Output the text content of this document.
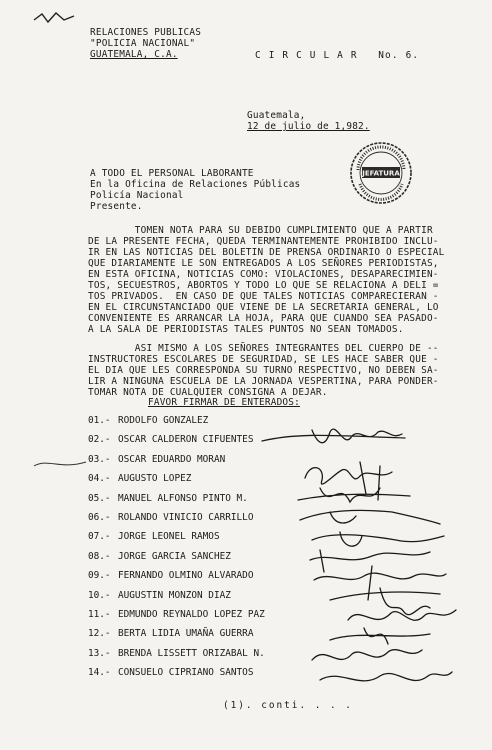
RELACIONES PUBLICAS
"POLICIA NACIONAL"
GUATEMALA, C.A.	C I R C U L A R   No. 6.
Guatemala,
12 de julio de 1,982.
JEFATURA
A TODO EL PERSONAL LABORANTE
En la Oficina de Relaciones Públicas
Policía Nacional
Presente.
TOMEN NOTA PARA SU DEBIDO CUMPLIMIENTO QUE A PARTIR
DE LA PRESENTE FECHA, QUEDA TERMINANTEMENTE PROHIBIDO INCLU-
IR EN LAS NOTICIAS DEL BOLETIN DE PRENSA ORDINARIO O ESPECIAL
QUE DIARIAMENTE LE SON ENTREGADOS A LOS SEÑORES PERIODISTAS,
EN ESTA OFICINA, NOTICIAS COMO: VIOLACIONES, DESAPARECIMIEN-
TOS, SECUESTROS, ABORTOS Y TODO LO QUE SE RELACIONA A DELI =
TOS PRIVADOS.  EN CASO DE QUE TALES NOTICIAS COMPARECIERAN -
EN EL CIRCUNSTANCIADO QUE VIENE DE LA SECRETARIA GENERAL, LO
CONVENIENTE ES ARRANCAR LA HOJA, PARA QUE CUANDO SEA PASADO-
A LA SALA DE PERIODISTAS TALES PUNTOS NO SEAN TOMADOS.
ASI MISMO A LOS SEÑORES INTEGRANTES DEL CUERPO DE --
INSTRUCTORES ESCOLARES DE SEGURIDAD, SE LES HACE SABER QUE -
EL DIA QUE LES CORRESPONDA SU TURNO RESPECTIVO, NO DEBEN SA-
LIR A NINGUNA ESCUELA DE LA JORNADA VESPERTINA, PARA PONDER-
TOMAR NOTA DE CUALQUIER CONSIGNA A DEJAR.
FAVOR FIRMAR DE ENTERADOS:
01.- RODOLFO GONZALEZ
02.- OSCAR CALDERON CIFUENTES
03.- OSCAR EDUARDO MORAN
04.- AUGUSTO LOPEZ
05.- MANUEL ALFONSO PINTO M.
06.- ROLANDO VINICIO CARRILLO
07.- JORGE LEONEL RAMOS
08.- JORGE GARCIA SANCHEZ
09.- FERNANDO OLMINO ALVARADO
10.- AUGUSTIN MONZON DIAZ
11.- EDMUNDO REYNALDO LOPEZ PAZ
12.- BERTA LIDIA UMAÑA GUERRA
13.- BRENDA LISSETT ORIZABAL N.
14.- CONSUELO CIPRIANO SANTOS
(1). conti. . . .
